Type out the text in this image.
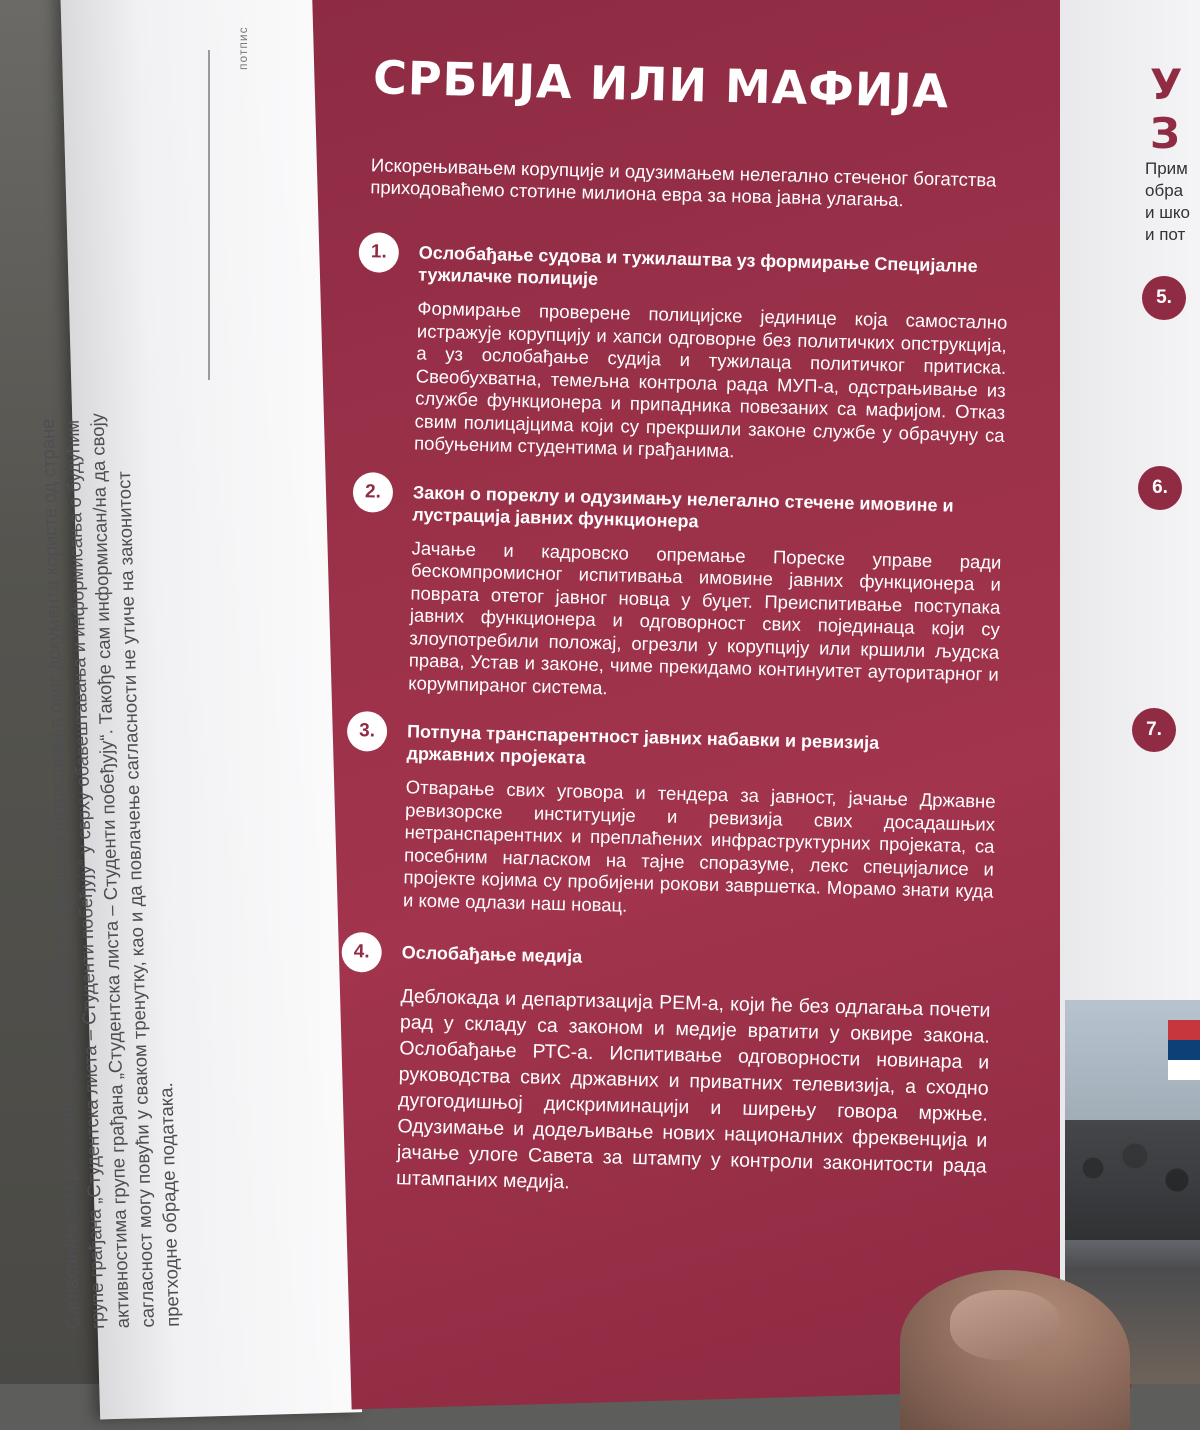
потпис
Сагласан/на сам да се моји подаци остављени приликом потписивања овог документа користе од стране групе грађана „Студентска листа – Студенти побеђују“ у сврху обавештавања и информисања о будућим активностима групе грађана „Студентска листа – Студенти побеђују“. Такође сам информисан/на да своју сагласност могу повући у сваком тренутку, као и да повлачење сагласности не утиче на законитост претходне обраде података.
СРБИЈА ИЛИ МАФИЈА
Искорењивањем корупције и одузимањем нелегално стеченог богатства приходоваћемо стотине милиона евра за нова јавна улагања.
1.	Ослобађање судова и тужилаштва уз формирање Специјалне тужилачке полиције
Формирање проверене полицијске јединице која самостално истражује корупцију и хапси одговорне без политичких опструкција, а уз ослобађање судија и тужилаца политичког притиска. Свеобухватна, темељна контрола рада МУП-а, одстрањивање из службе функционера и припадника повезаних са мафијом. Отказ свим полицајцима који су прекршили законе службе у обрачуну са побуњеним студентима и грађанима.
2.	Закон о пореклу и одузимању нелегално стечене имовине и лустрација јавних функционера
Јачање и кадровско опремање Пореске управе ради бескомпромисног испитивања имовине јавних функционера и поврата отетог јавног новца у буџет. Преиспитивање поступака јавних функционера и одговорност свих појединаца који су злоупотребили положај, огрезли у корупцију или кршили људска права, Устав и законе, чиме прекидамо континуитет ауторитарног и корумпираног система.
3.	Потпуна транспарентност јавних набавки и ревизија државних пројеката
Отварање свих уговора и тендера за јавност, јачање Државне ревизорске институције и ревизија свих досадашњих нетранспарентних и преплаћених инфраструктурних пројеката, са посебним нагласком на тајне споразуме, лекс специјалисе и пројекте којима су пробијени рокови завршетка. Морамо знати куда и коме одлази наш новац.
4.	Ослобађање медија
Деблокада и департизација РЕМ-а, који ће без одлагања почети рад у складу са законом и медије вратити у оквире закона. Ослобађање РТС-а. Испитивање одговорности новинара и руководства свих државних и приватних телевизија, а сходно дугогодишњој дискриминацији и ширењу говора мржње. Одузимање и додељивање нових националних фреквенција и јачање улоге Савета за штампу у контроли законитости рада штампаних медија.
У З
Прим
обра
и шко
и пот
5.
6.
7.
